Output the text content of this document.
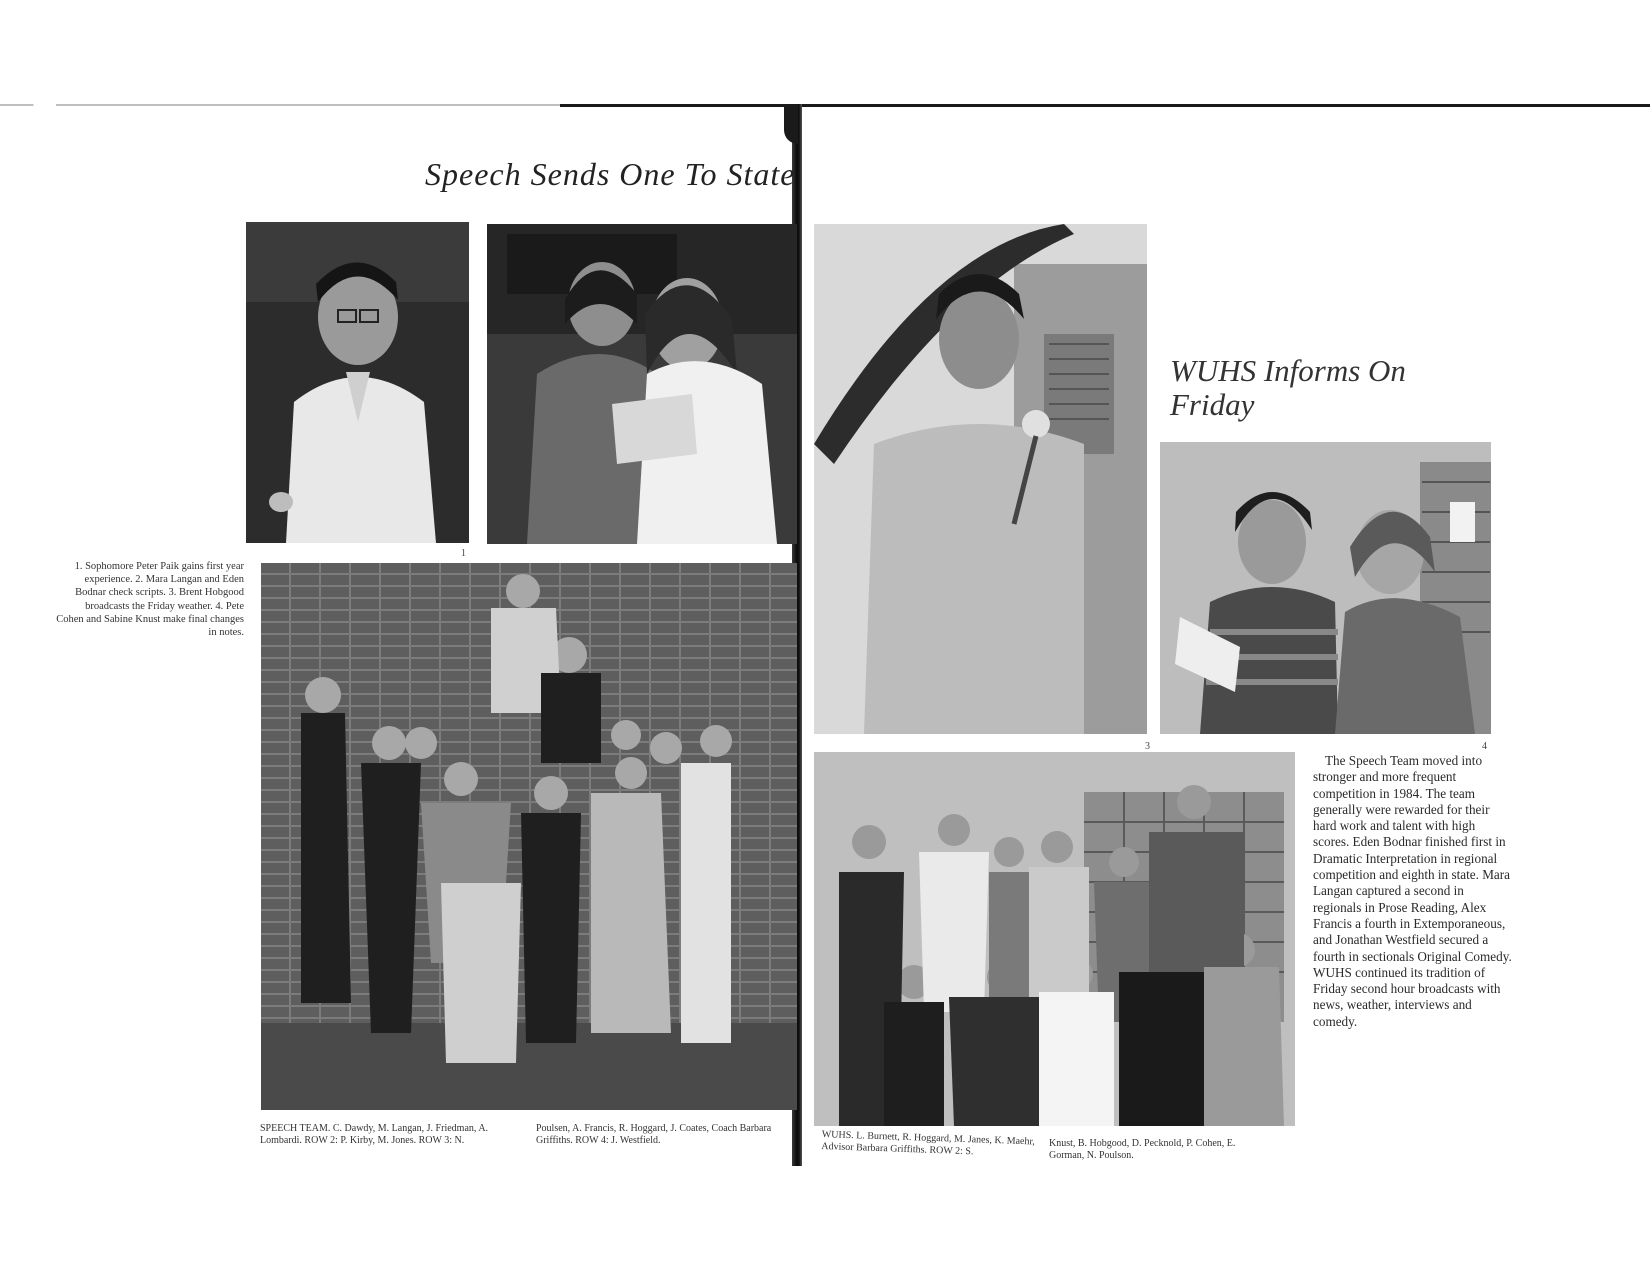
Speech Sends One To State
1
1. Sophomore Peter Paik gains first year experience. 2. Mara Langan and Eden Bodnar check scripts. 3. Brent Hobgood broadcasts the Friday weather. 4. Pete Cohen and Sabine Knust make final changes in notes.
SPEECH TEAM. C. Dawdy, M. Langan, J. Friedman, A. Lombardi. ROW 2: P. Kirby, M. Jones. ROW 3: N.
Poulsen, A. Francis, R. Hoggard, J. Coates, Coach Barbara Griffiths. ROW 4: J. Westfield.
WUHS Informs On Friday
3	4

The Speech Team moved into stronger and more frequent competition in 1984. The team generally were rewarded for their hard work and talent with high scores. Eden Bodnar finished first in Dramatic Interpretation in regional competition and eighth in state. Mara Langan captured a second in regionals in Prose Reading, Alex Francis a fourth in Extemporaneous, and Jonathan Westfield secured a fourth in sectionals Original Comedy. WUHS continued its tradition of Friday second hour broadcasts with news, weather, interviews and comedy.

WUHS. L. Burnett, R. Hoggard, M. Janes, K. Maehr, Advisor Barbara Griffiths. ROW 2: S.	Knust, B. Hobgood, D. Pecknold, P. Cohen, E. Gorman, N. Poulson.
